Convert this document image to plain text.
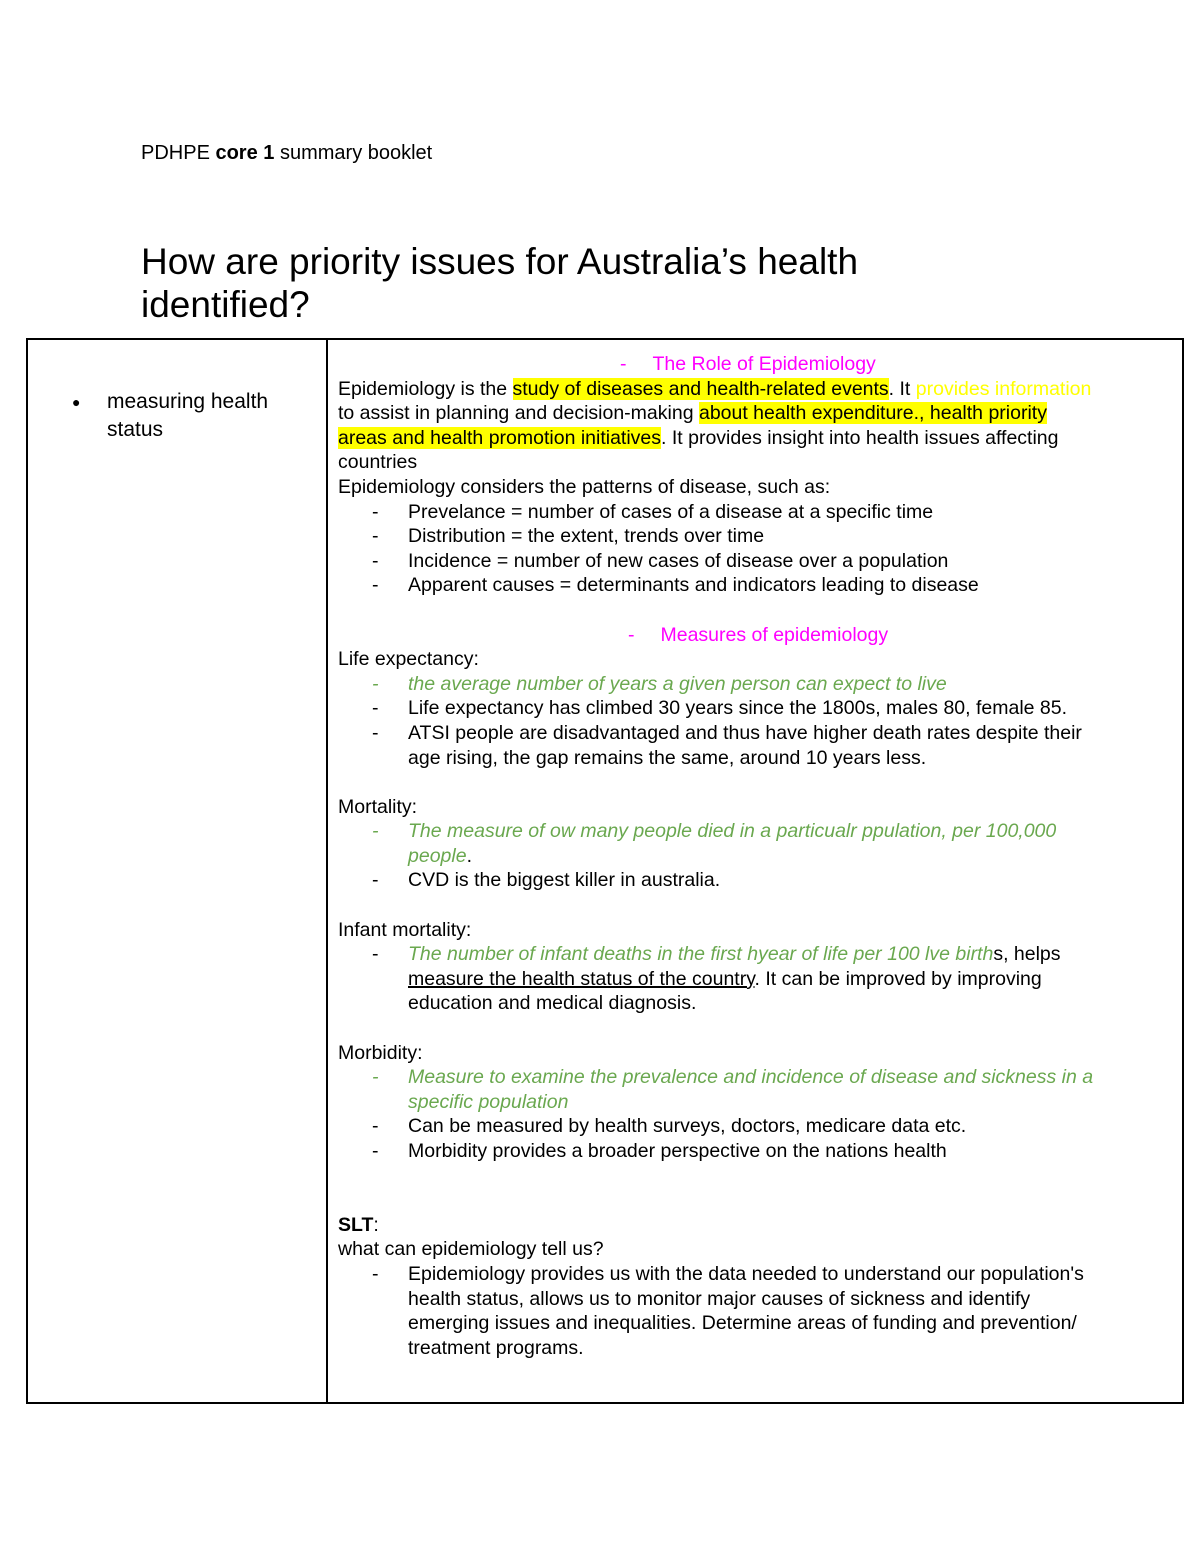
PDHPE core 1 summary booklet
How are priority issues for Australia’s health
identified?
● measuring health
status
- The Role of Epidemiology
Epidemiology is the study of diseases and health-related events. It provides information
to assist in planning and decision-making about health expenditure., health priority
areas and health promotion initiatives. It provides insight into health issues affecting
countries
Epidemiology considers the patterns of disease, such as:
- Prevelance = number of cases of a disease at a specific time
- Distribution = the extent, trends over time
- Incidence = number of new cases of disease over a population
- Apparent causes = determinants and indicators leading to disease
- Measures of epidemiology
Life expectancy:
- the average number of years a given person can expect to live
- Life expectancy has climbed 30 years since the 1800s, males 80, female 85.
- ATSI people are disadvantaged and thus have higher death rates despite their
age rising, the gap remains the same, around 10 years less.
Mortality:
- The measure of ow many people died in a particualr ppulation, per 100,000
people.
- CVD is the biggest killer in australia.
Infant mortality:
- The number of infant deaths in the first hyear of life per 100 lve births, helps
measure the health status of the country. It can be improved by improving
education and medical diagnosis.
Morbidity:
- Measure to examine the prevalence and incidence of disease and sickness in a
specific population
- Can be measured by health surveys, doctors, medicare data etc.
- Morbidity provides a broader perspective on the nations health
SLT:
what can epidemiology tell us?
- Epidemiology provides us with the data needed to understand our population's
health status, allows us to monitor major causes of sickness and identify
emerging issues and inequalities. Determine areas of funding and prevention/
treatment programs.
